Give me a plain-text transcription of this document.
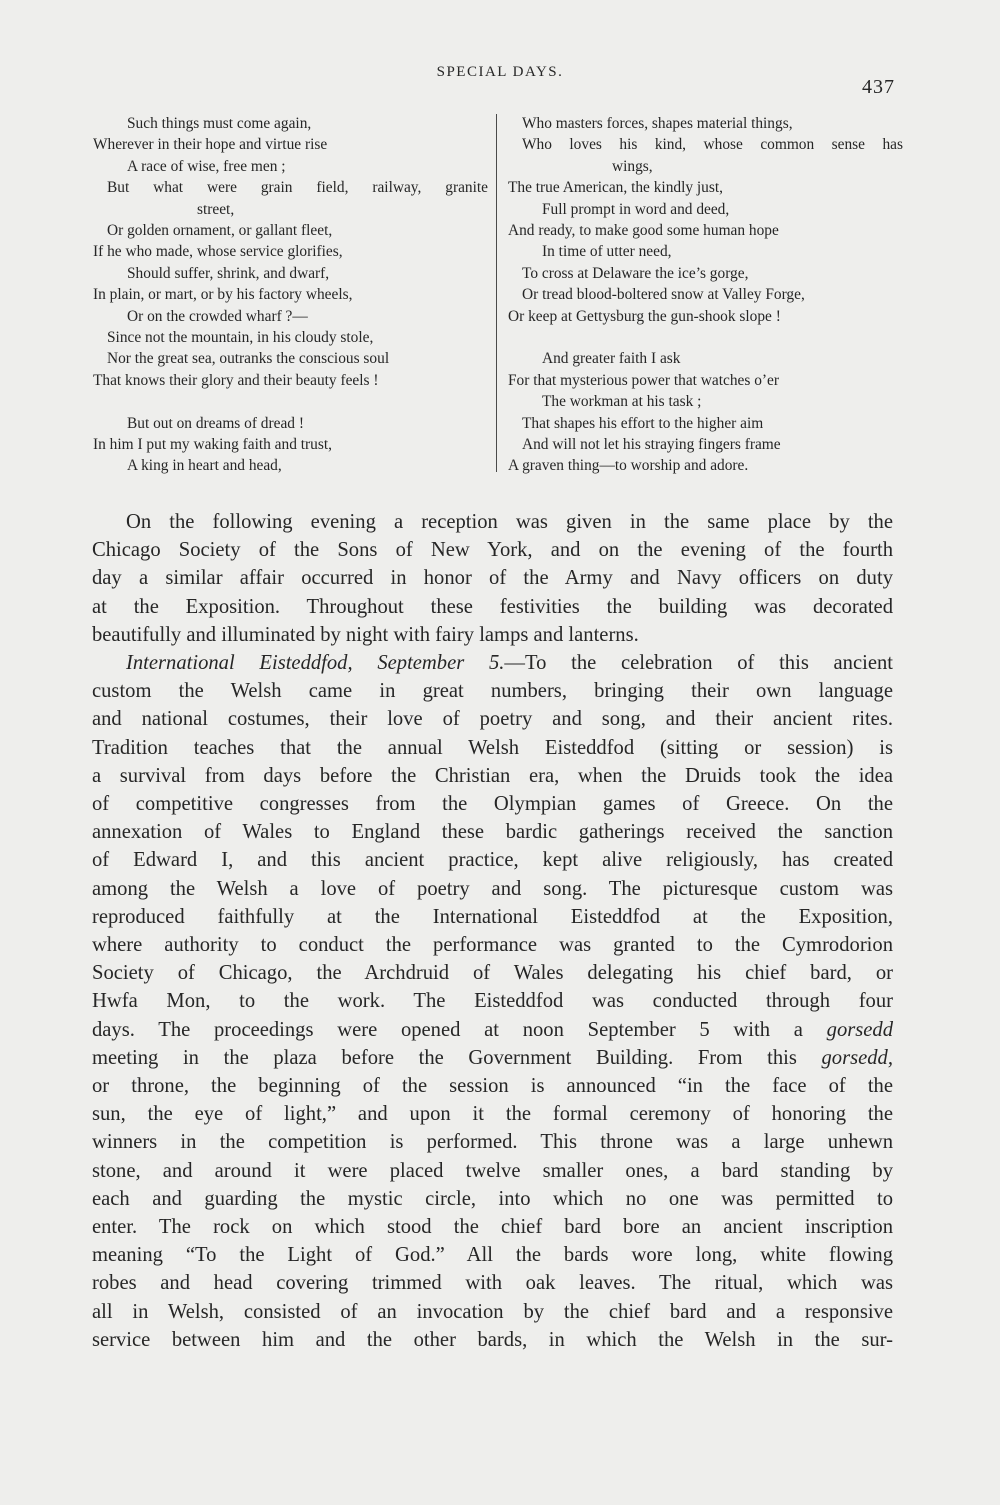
SPECIAL DAYS.
437
Such things must come again,
Wherever in their hope and virtue rise
A race of wise, free men ;
But what were grain field, railway, granite
street,
Or golden ornament, or gallant fleet,
If he who made, whose service glorifies,
Should suffer, shrink, and dwarf,
In plain, or mart, or by his factory wheels,
Or on the crowded wharf ?—
Since not the mountain, in his cloudy stole,
Nor the great sea, outranks the conscious soul
That knows their glory and their beauty feels !
But out on dreams of dread !
In him I put my waking faith and trust,
A king in heart and head,
Who masters forces, shapes material things,
Who loves his kind, whose common sense has
wings,
The true American, the kindly just,
Full prompt in word and deed,
And ready, to make good some human hope
In time of utter need,
To cross at Delaware the ice’s gorge,
Or tread blood-boltered snow at Valley Forge,
Or keep at Gettysburg the gun-shook slope !
And greater faith I ask
For that mysterious power that watches o’er
The workman at his task ;
That shapes his effort to the higher aim
And will not let his straying fingers frame
A graven thing—to worship and adore.

On the following evening a reception was given in the same place by the
Chicago Society of the Sons of New York, and on the evening of the fourth
day a similar affair occurred in honor of the Army and Navy officers on duty
at the Exposition. Throughout these festivities the building was decorated
beautifully and illuminated by night with fairy lamps and lanterns.

International Eisteddfod, September 5.—To the celebration of this ancient
custom the Welsh came in great numbers, bringing their own language
and national costumes, their love of poetry and song, and their ancient rites.
Tradition teaches that the annual Welsh Eisteddfod (sitting or session) is
a survival from days before the Christian era, when the Druids took the idea
of competitive congresses from the Olympian games of Greece. On the
annexation of Wales to England these bardic gatherings received the sanction
of Edward I, and this ancient practice, kept alive religiously, has created
among the Welsh a love of poetry and song. The picturesque custom was
reproduced faithfully at the International Eisteddfod at the Exposition,
where authority to conduct the performance was granted to the Cymrodorion
Society of Chicago, the Archdruid of Wales delegating his chief bard, or
Hwfa Mon, to the work. The Eisteddfod was conducted through four
days. The proceedings were opened at noon September 5 with a gorsedd
meeting in the plaza before the Government Building. From this gorsedd,
or throne, the beginning of the session is announced “in the face of the
sun, the eye of light,” and upon it the formal ceremony of honoring the
winners in the competition is performed. This throne was a large unhewn
stone, and around it were placed twelve smaller ones, a bard standing by
each and guarding the mystic circle, into which no one was permitted to
enter. The rock on which stood the chief bard bore an ancient inscription
meaning “To the Light of God.” All the bards wore long, white flowing
robes and head covering trimmed with oak leaves. The ritual, which was
all in Welsh, consisted of an invocation by the chief bard and a responsive
service between him and the other bards, in which the Welsh in the sur-
